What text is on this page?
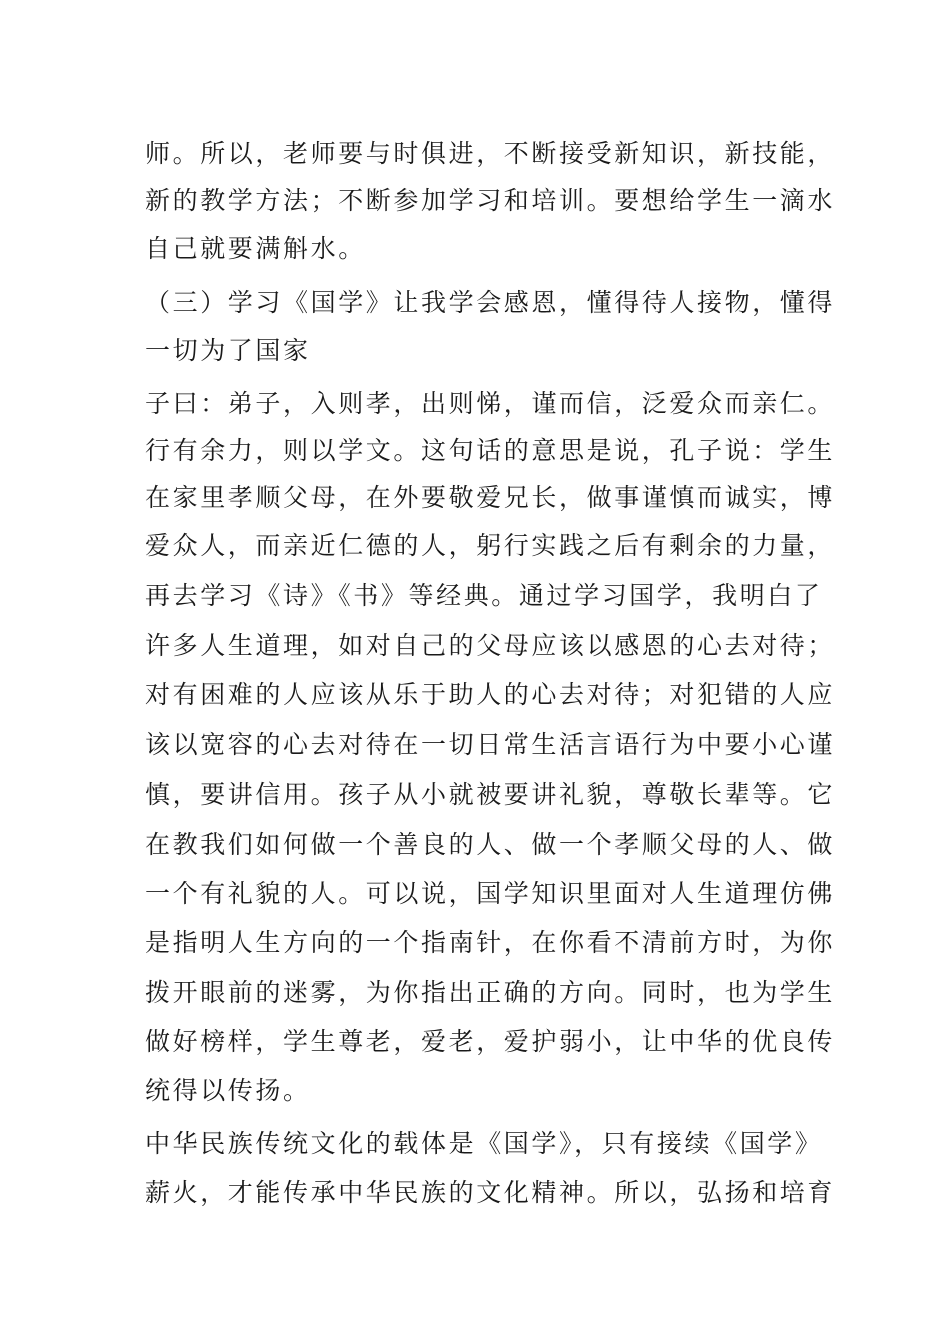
师。所以，老师要与时俱进，不断接受新知识，新技能，
新的教学方法；不断参加学习和培训。要想给学生一滴水
自己就要满斛水。
（三）学习《国学》让我学会感恩，懂得待人接物，懂得
一切为了国家
子曰：弟子，入则孝，出则悌，谨而信，泛爱众而亲仁。
行有余力，则以学文。这句话的意思是说，孔子说：学生
在家里孝顺父母，在外要敬爱兄长，做事谨慎而诚实，博
爱众人，而亲近仁德的人，躬行实践之后有剩余的力量，
再去学习《诗》《书》等经典。通过学习国学，我明白了
许多人生道理，如对自己的父母应该以感恩的心去对待；
对有困难的人应该从乐于助人的心去对待；对犯错的人应
该以宽容的心去对待在一切日常生活言语行为中要小心谨
慎，要讲信用。孩子从小就被要讲礼貌，尊敬长辈等。它
在教我们如何做一个善良的人、做一个孝顺父母的人、做
一个有礼貌的人。可以说，国学知识里面对人生道理仿佛
是指明人生方向的一个指南针，在你看不清前方时，为你
拨开眼前的迷雾，为你指出正确的方向。同时，也为学生
做好榜样，学生尊老，爱老，爱护弱小，让中华的优良传
统得以传扬。
中华民族传统文化的载体是《国学》，只有接续《国学》
薪火，才能传承中华民族的文化精神。所以，弘扬和培育
